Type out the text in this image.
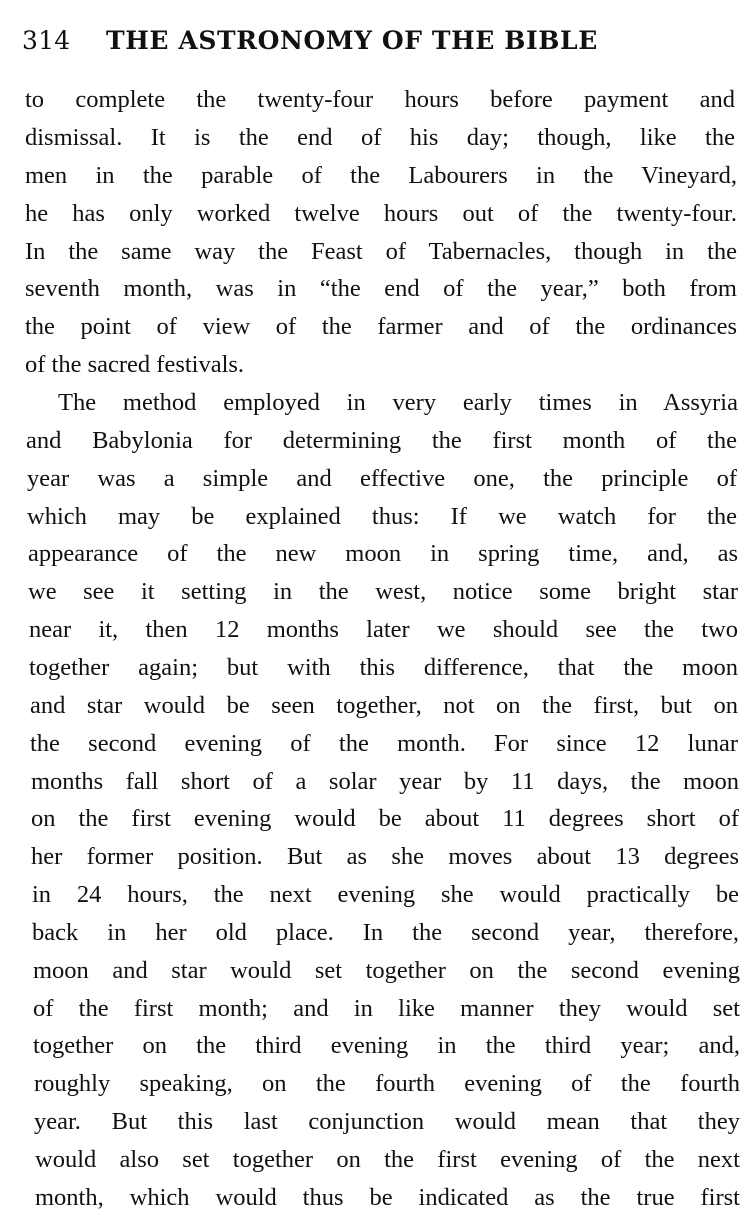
314 THE ASTRONOMY OF THE BIBLE
to complete the twenty-four hours before payment and
dismissal. It is the end of his day; though, like the
men in the parable of the Labourers in the Vineyard,
he has only worked twelve hours out of the twenty-four.
In the same way the Feast of Tabernacles, though in the
seventh month, was in “the end of the year,” both from
the point of view of the farmer and of the ordinances
of the sacred festivals.
The method employed in very early times in Assyria
and Babylonia for determining the first month of the
year was a simple and effective one, the principle of
which may be explained thus: If we watch for the
appearance of the new moon in spring time, and, as
we see it setting in the west, notice some bright star
near it, then 12 months later we should see the two
together again; but with this difference, that the moon
and star would be seen together, not on the first, but on
the second evening of the month. For since 12 lunar
months fall short of a solar year by 11 days, the moon
on the first evening would be about 11 degrees short of
her former position. But as she moves about 13 degrees
in 24 hours, the next evening she would practically be
back in her old place. In the second year, therefore,
moon and star would set together on the second evening
of the first month; and in like manner they would set
together on the third evening in the third year; and,
roughly speaking, on the fourth evening of the fourth
year. But this last conjunction would mean that they
would also set together on the first evening of the next
month, which would thus be indicated as the true first
